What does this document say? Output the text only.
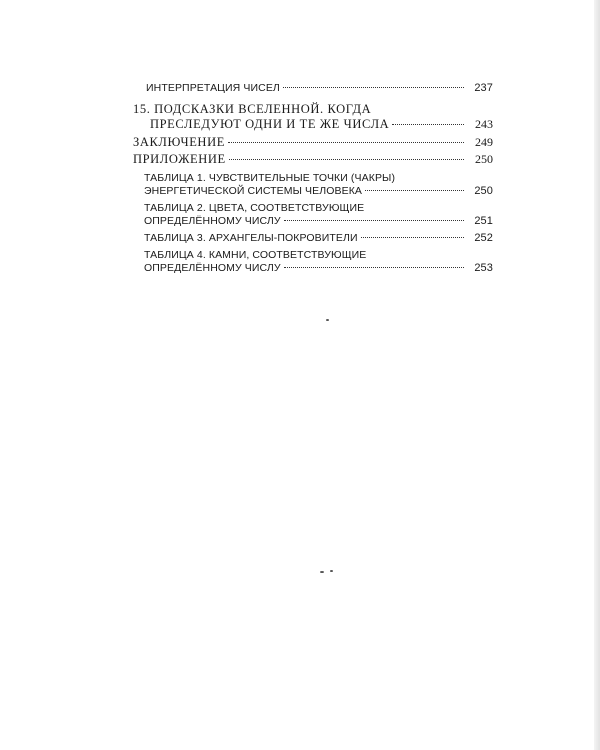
ИНТЕРПРЕТАЦИЯ ЧИСЕЛ	237
15. ПОДСКАЗКИ ВСЕЛЕННОЙ. КОГДА
ПРЕСЛЕДУЮТ ОДНИ И ТЕ ЖЕ ЧИСЛА	243
ЗАКЛЮЧЕНИЕ	249
ПРИЛОЖЕНИЕ	250
ТАБЛИЦА 1. ЧУВСТВИТЕЛЬНЫЕ ТОЧКИ (ЧАКРЫ)
ЭНЕРГЕТИЧЕСКОЙ СИСТЕМЫ ЧЕЛОВЕКА	250
ТАБЛИЦА 2. ЦВЕТА, СООТВЕТСТВУЮЩИЕ
ОПРЕДЕЛЁННОМУ ЧИСЛУ	251
ТАБЛИЦА 3. АРХАНГЕЛЫ-ПОКРОВИТЕЛИ	252
ТАБЛИЦА 4. КАМНИ, СООТВЕТСТВУЮЩИЕ
ОПРЕДЕЛЁННОМУ ЧИСЛУ	253
